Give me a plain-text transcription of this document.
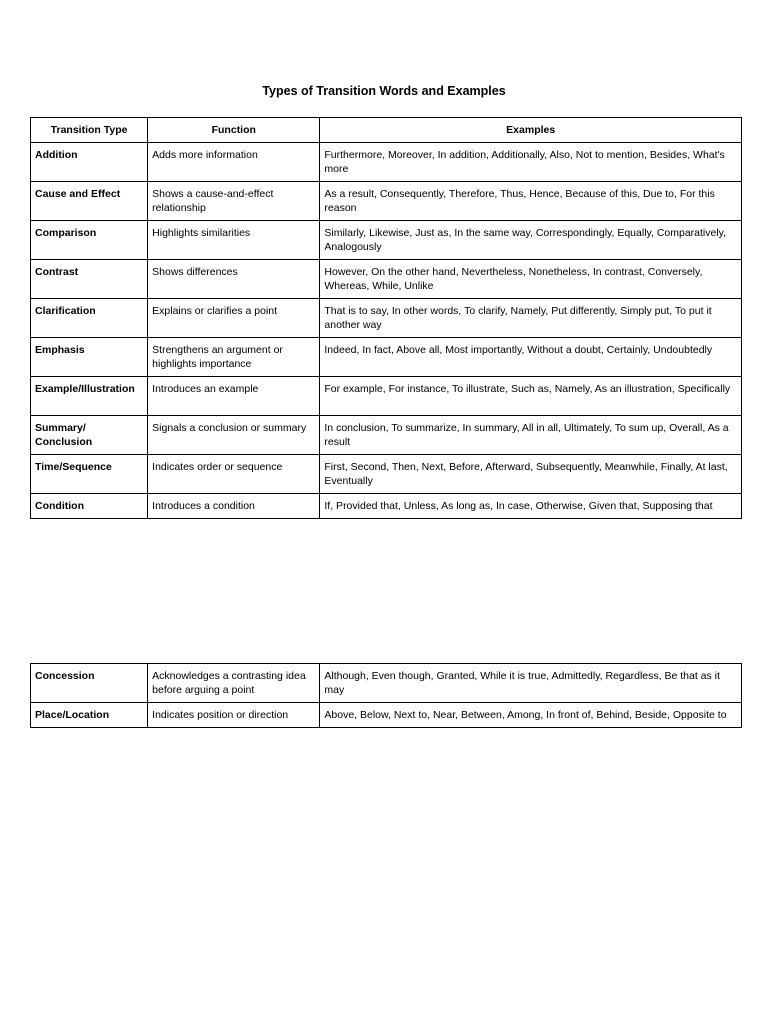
Types of Transition Words and Examples
Transition Type	Function	Examples
Addition	Adds more information	Furthermore, Moreover, In addition, Additionally, Also, Not to mention, Besides, What's more
Cause and Effect	Shows a cause-and-effect relationship	As a result, Consequently, Therefore, Thus, Hence, Because of this, Due to, For this reason
Comparison	Highlights similarities	Similarly, Likewise, Just as, In the same way, Correspondingly, Equally, Comparatively, Analogously
Contrast	Shows differences	However, On the other hand, Nevertheless, Nonetheless, In contrast, Conversely, Whereas, While, Unlike
Clarification	Explains or clarifies a point	That is to say, In other words, To clarify, Namely, Put differently, Simply put, To put it another way
Emphasis	Strengthens an argument or highlights importance	Indeed, In fact, Above all, Most importantly, Without a doubt, Certainly, Undoubtedly
Example/Illustration	Introduces an example	For example, For instance, To illustrate, Such as, Namely, As an illustration, Specifically
Summary/ Conclusion	Signals a conclusion or summary	In conclusion, To summarize, In summary, All in all, Ultimately, To sum up, Overall, As a result
Time/Sequence	Indicates order or sequence	First, Second, Then, Next, Before, Afterward, Subsequently, Meanwhile, Finally, At last, Eventually
Condition	Introduces a condition	If, Provided that, Unless, As long as, In case, Otherwise, Given that, Supposing that
Concession	Acknowledges a contrasting idea before arguing a point	Although, Even though, Granted, While it is true, Admittedly, Regardless, Be that as it may
Place/Location	Indicates position or direction	Above, Below, Next to, Near, Between, Among, In front of, Behind, Beside, Opposite to
